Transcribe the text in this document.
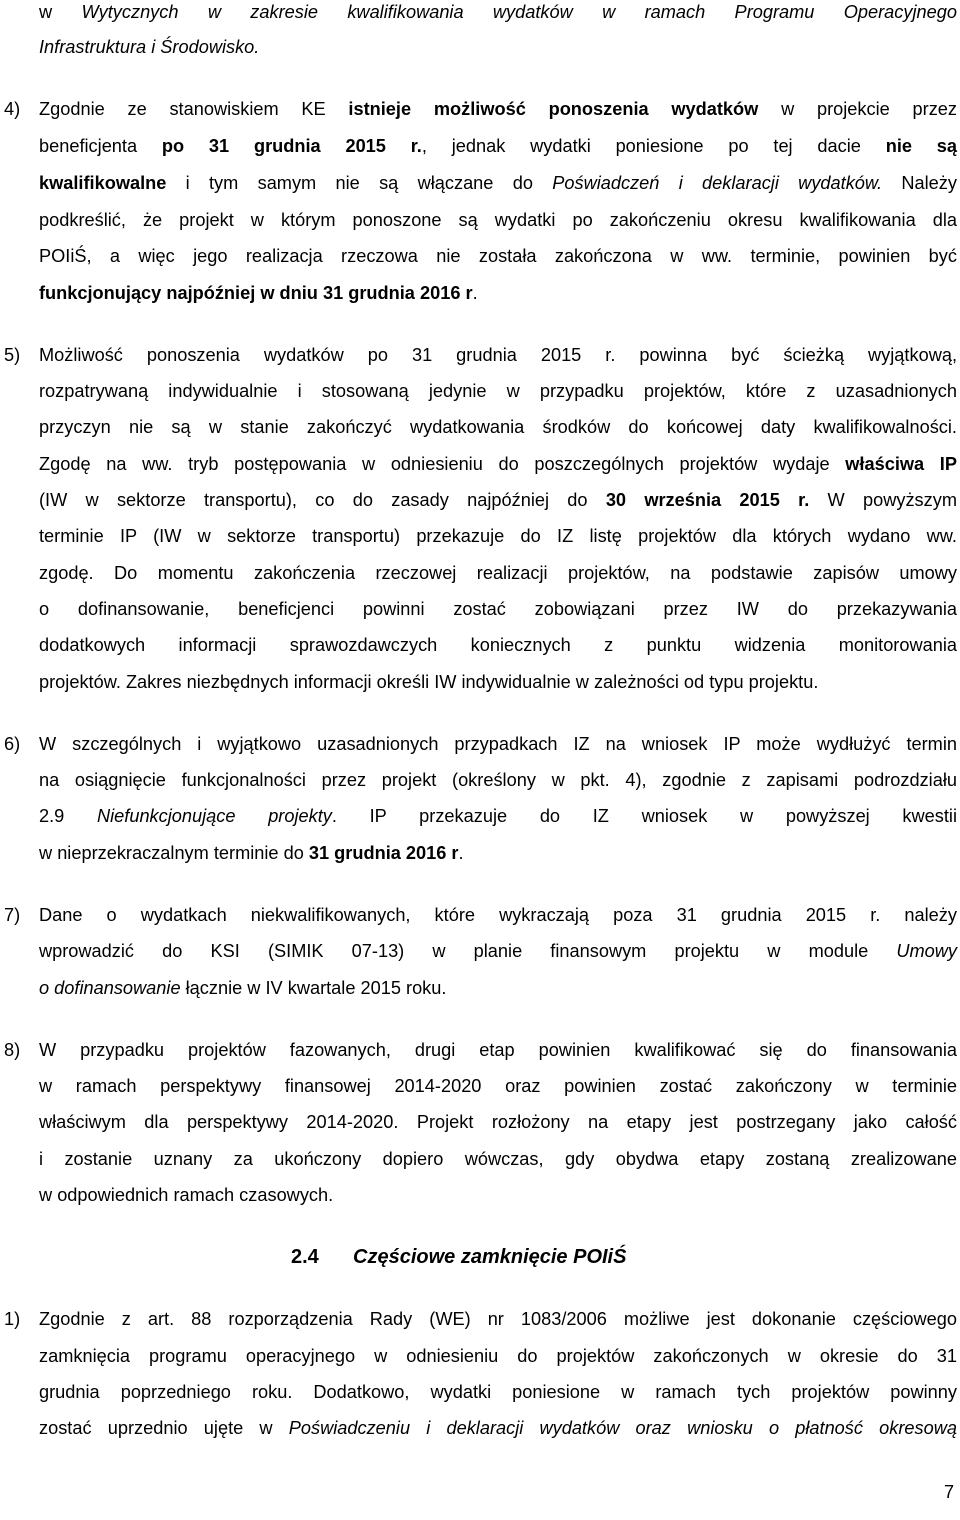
w Wytycznych w zakresie kwalifikowania wydatków w ramach Programu Operacyjnego
Infrastruktura i Środowisko.
4) Zgodnie ze stanowiskiem KE istnieje możliwość ponoszenia wydatków w projekcie przez
beneficjenta po 31 grudnia 2015 r., jednak wydatki poniesione po tej dacie nie są
kwalifikowalne i tym samym nie są włączane do Poświadczeń i deklaracji wydatków. Należy
podkreślić, że projekt w którym ponoszone są wydatki po zakończeniu okresu kwalifikowania dla
POIiŚ, a więc jego realizacja rzeczowa nie została zakończona w ww. terminie, powinien być
funkcjonujący najpóźniej w dniu 31 grudnia 2016 r.
5) Możliwość ponoszenia wydatków po 31 grudnia 2015 r. powinna być ścieżką wyjątkową,
rozpatrywaną indywidualnie i stosowaną jedynie w przypadku projektów, które z uzasadnionych
przyczyn nie są w stanie zakończyć wydatkowania środków do końcowej daty kwalifikowalności.
Zgodę na ww. tryb postępowania w odniesieniu do poszczególnych projektów wydaje właściwa IP
(IW w sektorze transportu), co do zasady najpóźniej do 30 września 2015 r. W powyższym
terminie IP (IW w sektorze transportu) przekazuje do IZ listę projektów dla których wydano ww.
zgodę. Do momentu zakończenia rzeczowej realizacji projektów, na podstawie zapisów umowy
o dofinansowanie, beneficjenci powinni zostać zobowiązani przez IW do przekazywania
dodatkowych informacji sprawozdawczych koniecznych z punktu widzenia monitorowania
projektów. Zakres niezbędnych informacji określi IW indywidualnie w zależności od typu projektu.
6) W szczególnych i wyjątkowo uzasadnionych przypadkach IZ na wniosek IP może wydłużyć termin
na osiągnięcie funkcjonalności przez projekt (określony w pkt. 4), zgodnie z zapisami podrozdziału
2.9 Niefunkcjonujące projekty. IP przekazuje do IZ wniosek w powyższej kwestii
w nieprzekraczalnym terminie do 31 grudnia 2016 r.
7) Dane o wydatkach niekwalifikowanych, które wykraczają poza 31 grudnia 2015 r. należy
wprowadzić do KSI (SIMIK 07-13) w planie finansowym projektu w module Umowy
o dofinansowanie łącznie w IV kwartale 2015 roku.
8) W przypadku projektów fazowanych, drugi etap powinien kwalifikować się do finansowania
w ramach perspektywy finansowej 2014-2020 oraz powinien zostać zakończony w terminie
właściwym dla perspektywy 2014-2020. Projekt rozłożony na etapy jest postrzegany jako całość
i zostanie uznany za ukończony dopiero wówczas, gdy obydwa etapy zostaną zrealizowane
w odpowiednich ramach czasowych.
2.4 Częściowe zamknięcie POIiŚ
1) Zgodnie z art. 88 rozporządzenia Rady (WE) nr 1083/2006 możliwe jest dokonanie częściowego
zamknięcia programu operacyjnego w odniesieniu do projektów zakończonych w okresie do 31
grudnia poprzedniego roku. Dodatkowo, wydatki poniesione w ramach tych projektów powinny
zostać uprzednio ujęte w Poświadczeniu i deklaracji wydatków oraz wniosku o płatność okresową
7
